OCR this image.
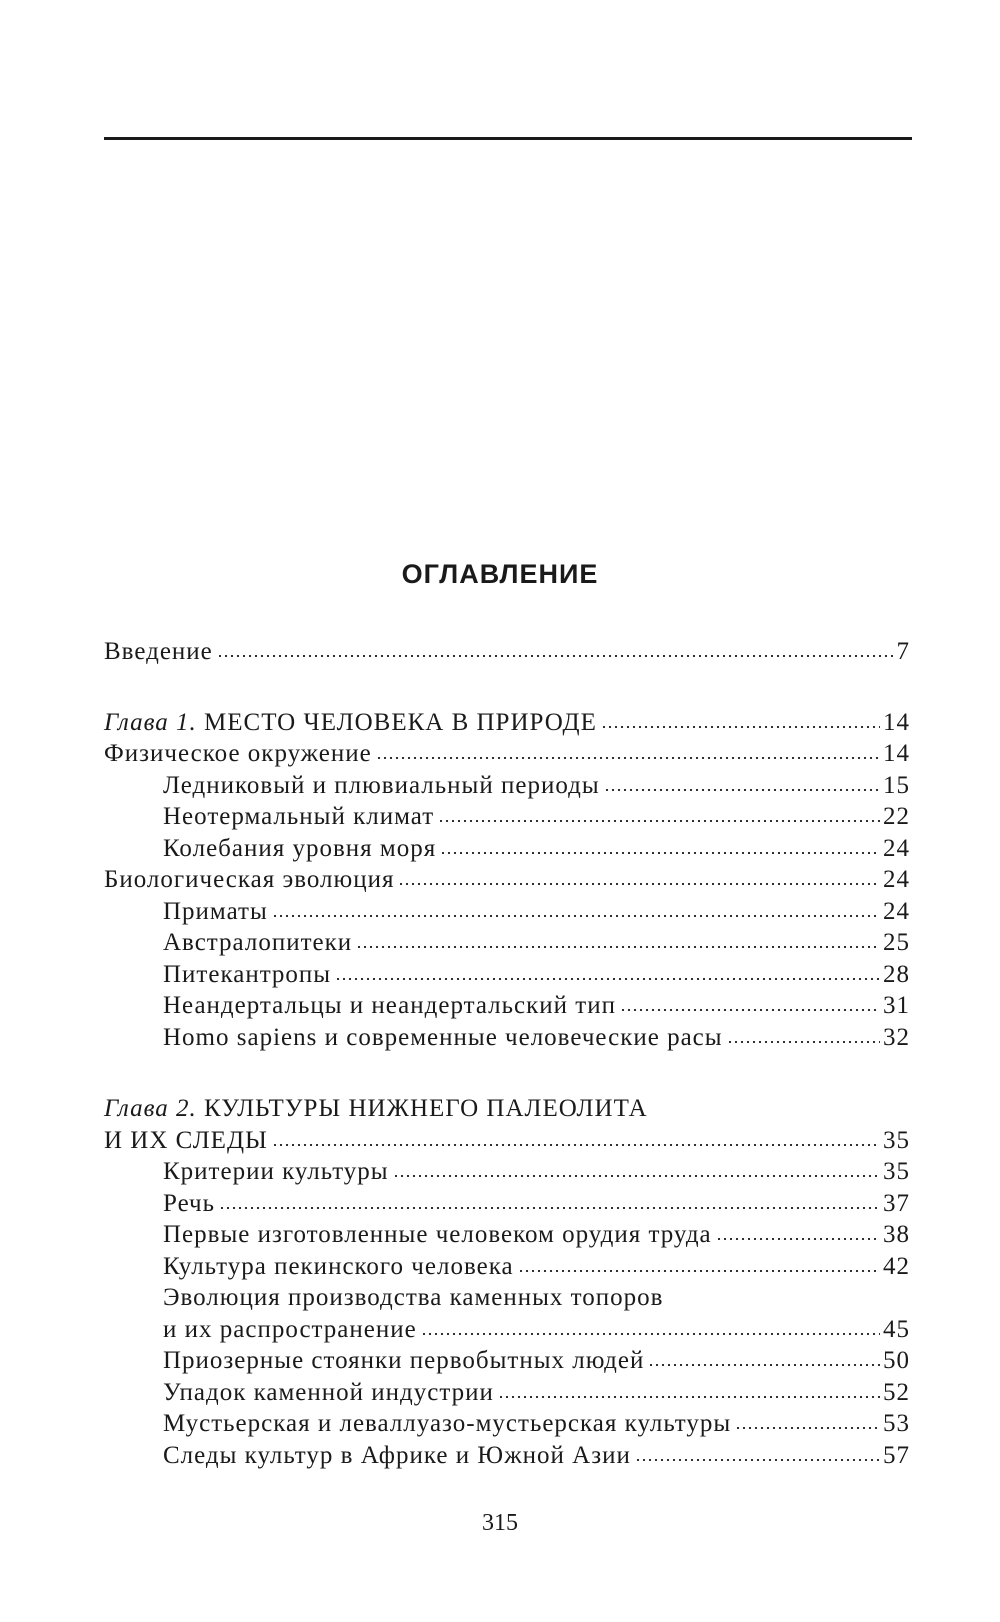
ОГЛАВЛЕНИЕ
Введение	7
Глава 1. МЕСТО ЧЕЛОВЕКА В ПРИРОДЕ	14
Физическое окружение	14
Ледниковый и плювиальный периоды	15
Неотермальный климат	22
Колебания уровня моря	24
Биологическая эволюция	24
Приматы	24
Австралопитеки	25
Питекантропы	28
Неандертальцы и неандертальский тип	31
Homo sapiens и современные человеческие расы	32
Глава 2. КУЛЬТУРЫ НИЖНЕГО ПАЛЕОЛИТА
И ИХ СЛЕДЫ	35
Критерии культуры	35
Речь	37
Первые изготовленные человеком орудия труда	38
Культура пекинского человека	42
Эволюция производства каменных топоров
и их распространение	45
Приозерные стоянки первобытных людей	50
Упадок каменной индустрии	52
Мустьерская и леваллуазо-мустьерская культуры	53
Следы культур в Африке и Южной Азии	57
315
